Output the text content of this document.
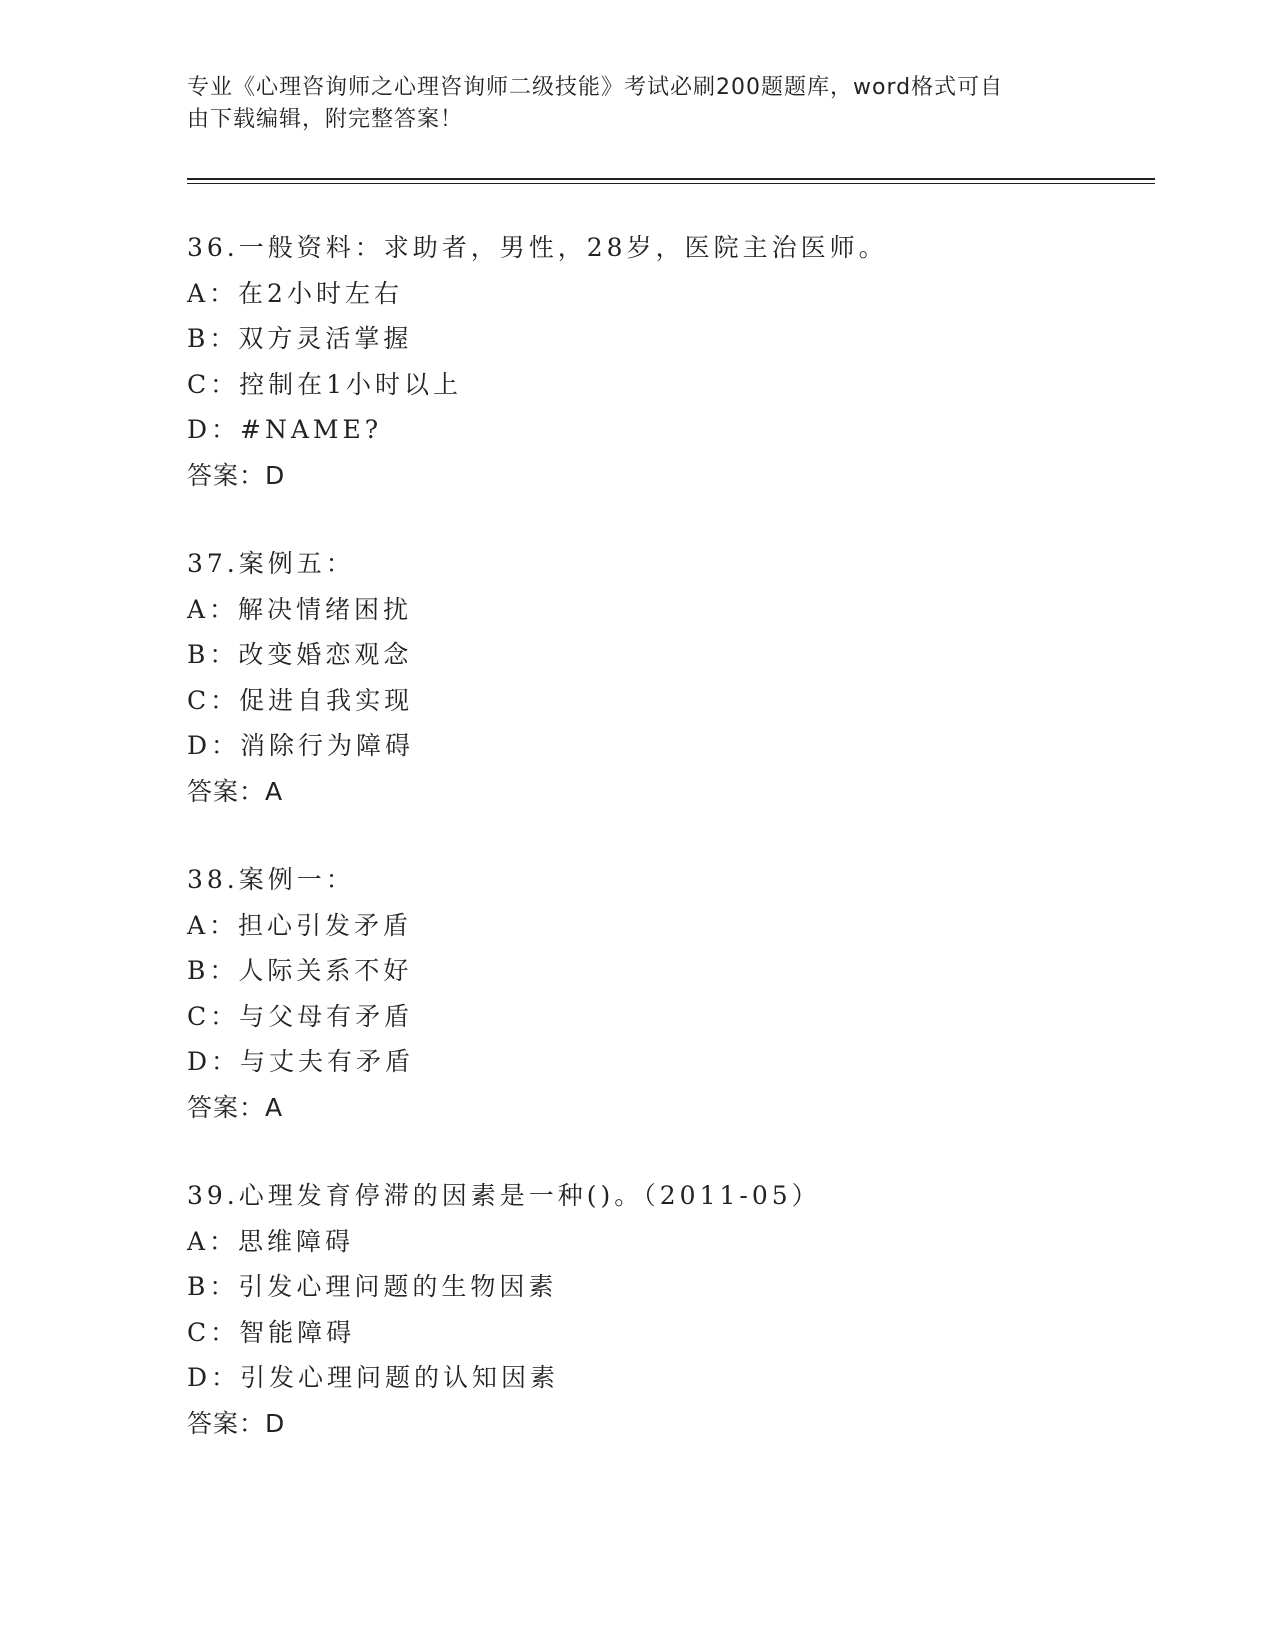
专业《心理咨询师之心理咨询师二级技能》考试必刷200题题库，word格式可自
由下载编辑，附完整答案！
36.一般资料：求助者，男性，28岁，医院主治医师。
A：在2小时左右
B：双方灵活掌握
C：控制在1小时以上
D：#NAME?
答案：D
37.案例五：
A：解决情绪困扰
B：改变婚恋观念
C：促进自我实现
D：消除行为障碍
答案：A
38.案例一：
A：担心引发矛盾
B：人际关系不好
C：与父母有矛盾
D：与丈夫有矛盾
答案：A
39.心理发育停滞的因素是一种()。（2011-05）
A：思维障碍
B：引发心理问题的生物因素
C：智能障碍
D：引发心理问题的认知因素
答案：D
